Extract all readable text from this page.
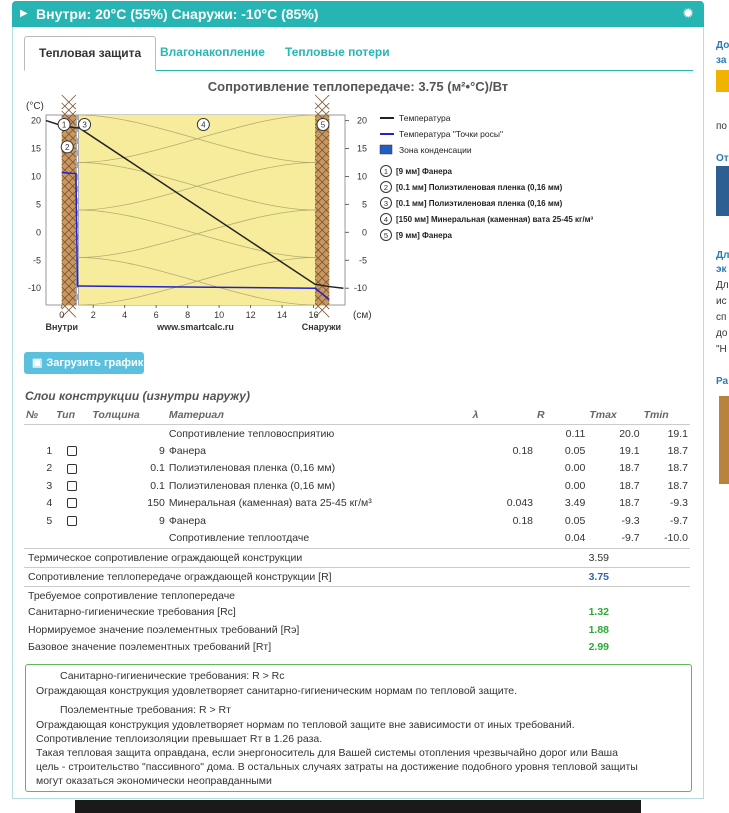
▶ Внутри: 20°C (55%) Снаружи: -10°C (85%)	✹
Тепловая защита	Влагонакопление	Тепловые потери
Сопротивление теплопередаче: 3.75 (м²•°C)/Вт
0	2	4	6	8	10 12 14 16
20	20
15	15
10	10
5	5
0	0
-5	-5
-10	-10
(°C)
(см)
Внутри	www.smartcalc.ru	Снаружи
1
2
3	4	5
Температура
Температура "Точки росы"
Зона конденсации
1 [9 мм] Фанера
2 [0.1 мм] Полиэтиленовая пленка (0,16 мм)
3 [0.1 мм] Полиэтиленовая пленка (0,16 мм)
4 [150 мм] Минеральная (каменная) вата 25-45 кг/м³
5 [9 мм] Фанера
▣ Загрузить график
Слои конструкции (изнутри наружу)
№	Тип	Толщина	Материал	λ	R	Tmax	Tmin
			Сопротивление тепловосприятию		0.11	20.0	19.1
1		9	Фанера	0.18	0.05	19.1	18.7
2		0.1	Полиэтиленовая пленка (0,16 мм)		0.00	18.7	18.7
3		0.1	Полиэтиленовая пленка (0,16 мм)		0.00	18.7	18.7
4		150	Минеральная (каменная) вата 25-45 кг/м³	0.043	3.49	18.7	-9.3
5		9	Фанера	0.18	0.05	-9.3	-9.7
			Сопротивление теплоотдаче		0.04	-9.7	-10.0
Термическое сопротивление ограждающей конструкции	3.59
Сопротивление теплопередаче ограждающей конструкции [R]	3.75
Требуемое сопротивление теплопередаче
Санитарно-гигиенические требования [Rс]	1.32
Нормируемое значение поэлементных требований [Rэ]	1.88
Базовое значение поэлементных требований [Rт]	2.99
Санитарно-гигиенические требования: R > Rс
Ограждающая конструкция удовлетворяет санитарно-гигиеническим нормам по тепловой защите.
Поэлементные требования: R > Rт
Ограждающая конструкция удовлетворяет нормам по тепловой защите вне зависимости от иных требований.
Сопротивление теплоизоляции превышает Rт в 1.26 раза.
Такая тепловая защита оправдана, если энергоноситель для Вашей системы отопления чрезвычайно дорог или Ваша
цель - строительство "пассивного" дома. В остальных случаях затраты на достижение подобного уровня тепловой защиты
могут оказаться экономически неоправданными
До
за
по
От
Дл
эк
Дл
ис
сп
до
"Н
Ра
